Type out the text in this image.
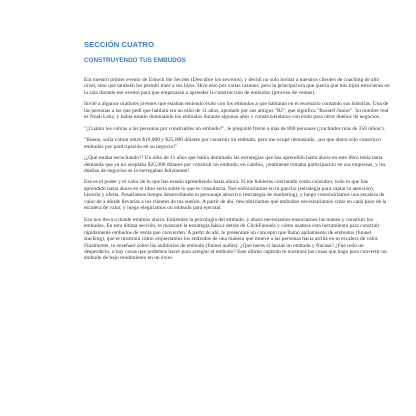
SECCIÓN CUATRO
CONSTRUYENDO TUS EMBUDOS

Era nuestro primer evento de Unlock the Secrets (Descubre los secretos), y decidí no solo invitar a nuestros clientes de coaching de alto nivel, sino que también les permití traer a sus hijos. Hice esto por varias razones, pero la principal era que quería que mis hijos estuvieran en la sala durante ese evento para que empezaran a aprender la construcción de embudos (proceso de ventas).

Invité a algunos oradores jóvenes que estaban teniendo éxito con los embudos a que hablaran en el escenario contando sus historias. Una de las personas a las que pedí que hablara era un niño de 11 años, apodado por sus amigos "RJ", que significa "Russell Junior". Su nombre real es Noah Lenz, y había estado dominando los embudos durante algunos años y construyéndolos con éxito para otros dueños de negocios.

"¿Cuánto les cobras a las personas por construirles un embudo?", le pregunté frente a más de 800 personas (¡incluidos más de 350 niños!).

"Bueno, solía cobrar entre $10,000 y $25,000 dólares por construir un embudo, pero me ocupé demasiado, ¡así que ahora solo construyo embudos por participación en su negocio!"

¡¿Qué estaba escuchando?! Un niño de 11 años que había dominado las estrategias que has aprendido hasta ahora en este libro tenía tanta demanda que ya no aceptaba $25,000 dólares por construir un embudo; en cambio, ¡realmente tomaba participación en sus empresas, y los dueños de negocios se la entregaban felizmente!

Ese es el poder y el valor de lo que has estado aprendiendo hasta ahora. Si me hubieras contratado como consultor, todo lo que has aprendido hasta ahora en el libro sería sobre lo que te consultaría. Nos enfocaríamos en tu gancho (estrategia para captar la atención), historia y oferta. Pasaríamos tiempo desarrollando tu personaje atractivo (estrategia de marketing), y luego construiríamos una escalera de valor de a dónde llevarías a los clientes de tus sueños. A partir de ahí, descubriríamos qué embudos necesitaríamos crear en cada paso de la escalera de valor, y luego elegiríamos un embudo para ejecutar.

Eso nos lleva a donde estamos ahora. Entiendes la psicología del embudo, y ahora necesitamos ensuciarnos las manos y construir los embudos. En esta última sección, te mostraré la estrategia básica detrás de ClickFunnels y cómo usamos esta herramienta para construir rápidamente embudos de venta que convierten. A partir de ahí, te presentaré un concepto que llamo apilamiento de embudos (funnel stacking), que te mostrará cómo orquestamos los embudos de una manera que mueve a las personas hacia arriba en tu escalera de valor. Finalmente, te enseñaré sobre las auditorías de embudo (funnel audits). ¿Qué haces si lanzas un embudo y fracasa? ¿Fue todo un desperdicio, o hay cosas que podemos hacer para arreglar el embudo? Este último capítulo te mostrará las cosas que hago para convertir un embudo de bajo rendimiento en un éxito.
